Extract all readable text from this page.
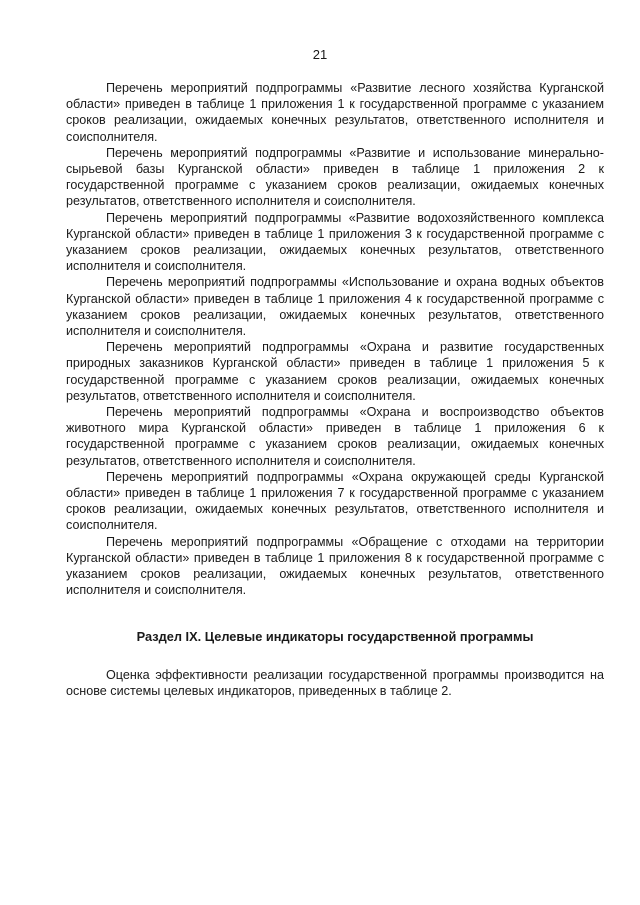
21

Перечень мероприятий подпрограммы «Развитие лесного хозяйства Курганской области» приведен в таблице 1 приложения 1 к государственной программе с указанием сроков реализации, ожидаемых конечных результатов, ответственного исполнителя и соисполнителя.

Перечень мероприятий подпрограммы «Развитие и использование минерально-сырьевой базы Курганской области» приведен в таблице 1 приложения 2 к государственной программе с указанием сроков реализации, ожидаемых конечных результатов, ответственного исполнителя и соисполнителя.

Перечень мероприятий подпрограммы «Развитие водохозяйственного комплекса Курганской области» приведен в таблице 1 приложения 3 к государственной программе с указанием сроков реализации, ожидаемых конечных результатов, ответственного исполнителя и соисполнителя.

Перечень мероприятий подпрограммы «Использование и охрана водных объектов Курганской области» приведен в таблице 1 приложения 4 к государственной программе с указанием сроков реализации, ожидаемых конечных результатов, ответственного исполнителя и соисполнителя.

Перечень мероприятий подпрограммы «Охрана и развитие государственных природных заказников Курганской области» приведен в таблице 1 приложения 5 к государственной программе с указанием сроков реализации, ожидаемых конечных результатов, ответственного исполнителя и соисполнителя.

Перечень мероприятий подпрограммы «Охрана и воспроизводство объектов животного мира Курганской области» приведен в таблице 1 приложения 6 к государственной программе с указанием сроков реализации, ожидаемых конечных результатов, ответственного исполнителя и соисполнителя.

Перечень мероприятий подпрограммы «Охрана окружающей среды Курганской области» приведен в таблице 1 приложения 7 к государственной программе с указанием сроков реализации, ожидаемых конечных результатов, ответственного исполнителя и соисполнителя.

Перечень мероприятий подпрограммы «Обращение с отходами на территории Курганской области» приведен в таблице 1 приложения 8 к государственной программе с указанием сроков реализации, ожидаемых конечных результатов, ответственного исполнителя и соисполнителя.

Раздел IX. Целевые индикаторы государственной программы

Оценка эффективности реализации государственной программы производится на основе системы целевых индикаторов, приведенных в таблице 2.
